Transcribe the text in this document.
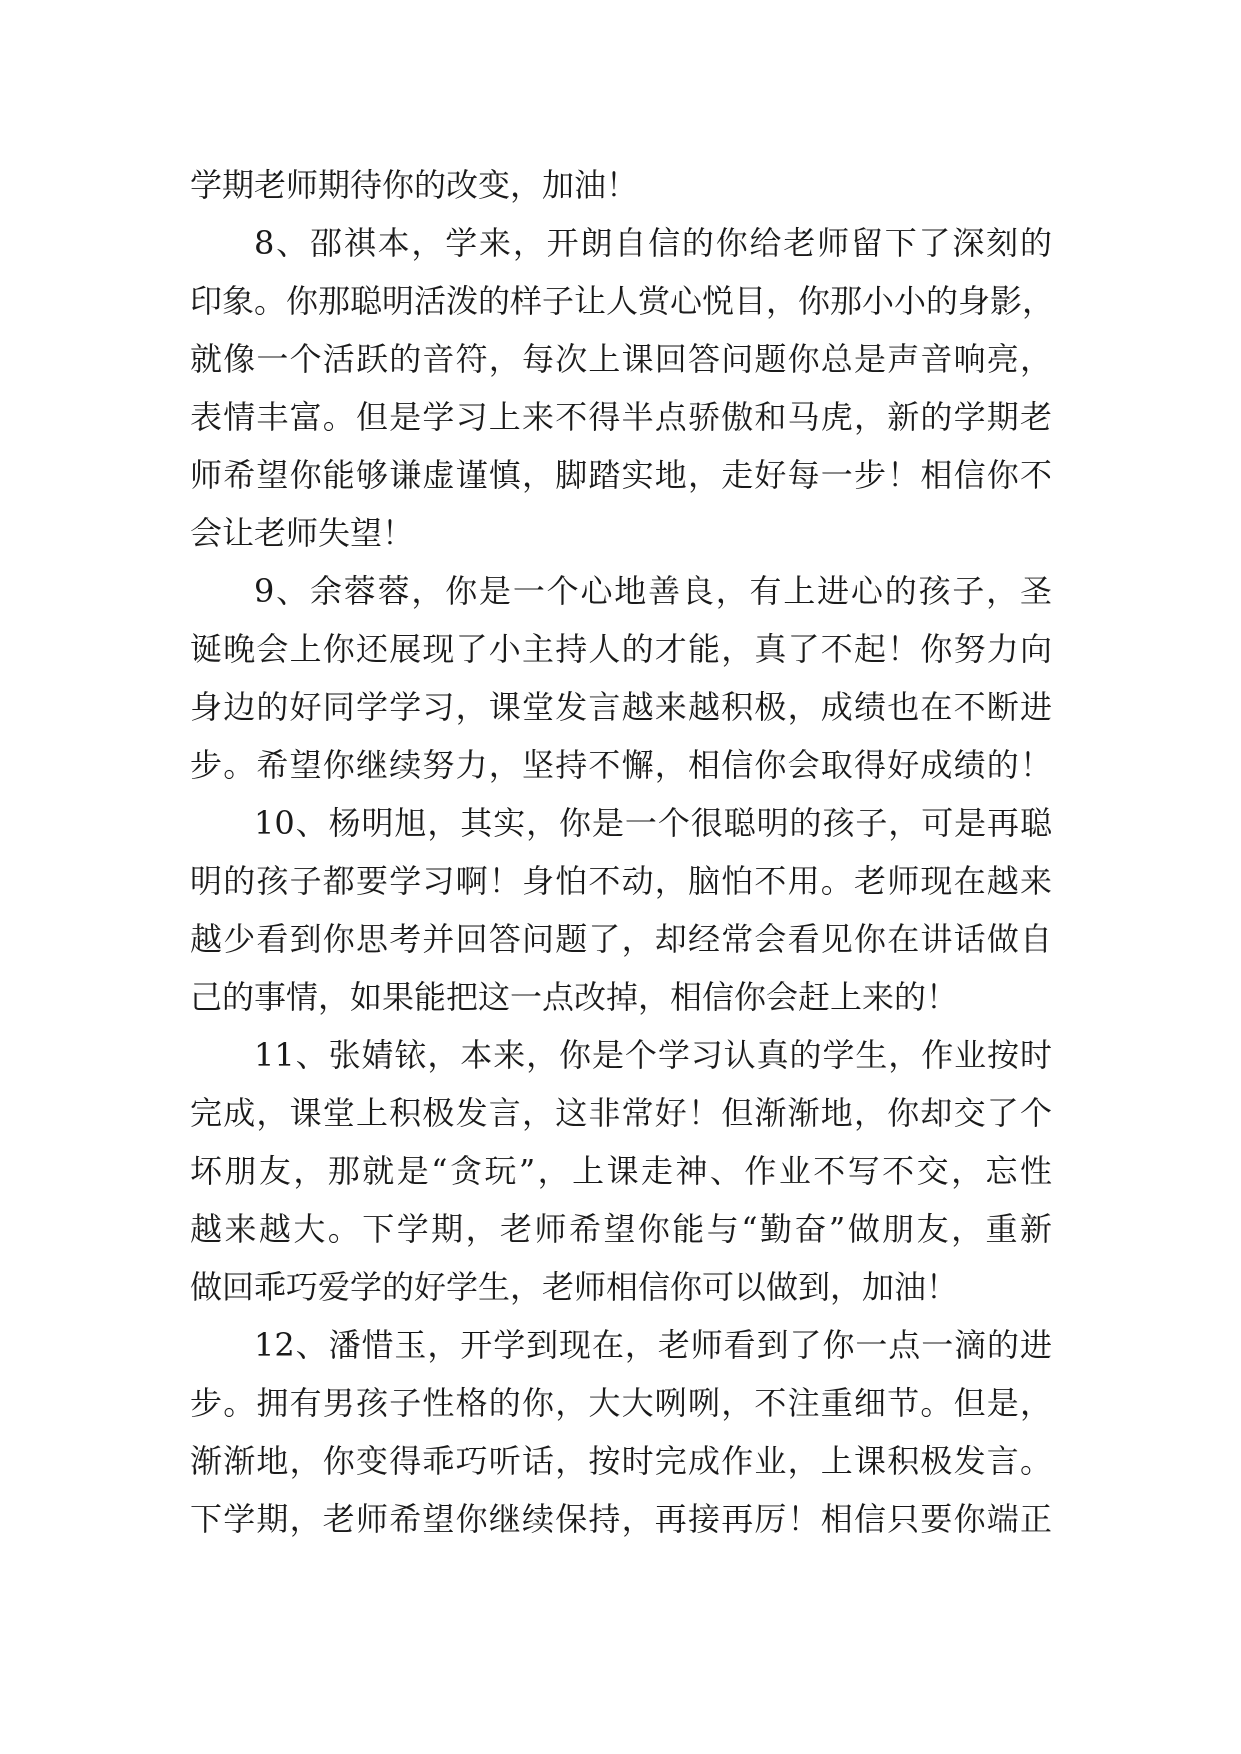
学期老师期待你的改变，加油！

8、邵祺本，学来，开朗自信的你给老师留下了深刻的

印象。你那聪明活泼的样子让人赏心悦目，你那小小的身影，

就像一个活跃的音符，每次上课回答问题你总是声音响亮，

表情丰富。但是学习上来不得半点骄傲和马虎，新的学期老

师希望你能够谦虚谨慎，脚踏实地，走好每一步！相信你不

会让老师失望！

9、余蓉蓉，你是一个心地善良，有上进心的孩子，圣

诞晚会上你还展现了小主持人的才能，真了不起！你努力向

身边的好同学学习，课堂发言越来越积极，成绩也在不断进

步。希望你继续努力，坚持不懈，相信你会取得好成绩的！

10、杨明旭，其实，你是一个很聪明的孩子，可是再聪

明的孩子都要学习啊！身怕不动，脑怕不用。老师现在越来

越少看到你思考并回答问题了，却经常会看见你在讲话做自

己的事情，如果能把这一点改掉，相信你会赶上来的！

11、张婧铱，本来，你是个学习认真的学生，作业按时

完成，课堂上积极发言，这非常好！但渐渐地，你却交了个

坏朋友，那就是“贪玩”，上课走神、作业不写不交，忘性

越来越大。下学期，老师希望你能与“勤奋”做朋友，重新

做回乖巧爱学的好学生，老师相信你可以做到，加油！

12、潘惜玉，开学到现在，老师看到了你一点一滴的进

步。拥有男孩子性格的你，大大咧咧，不注重细节。但是，

渐渐地，你变得乖巧听话，按时完成作业，上课积极发言。

下学期，老师希望你继续保持，再接再厉！相信只要你端正
